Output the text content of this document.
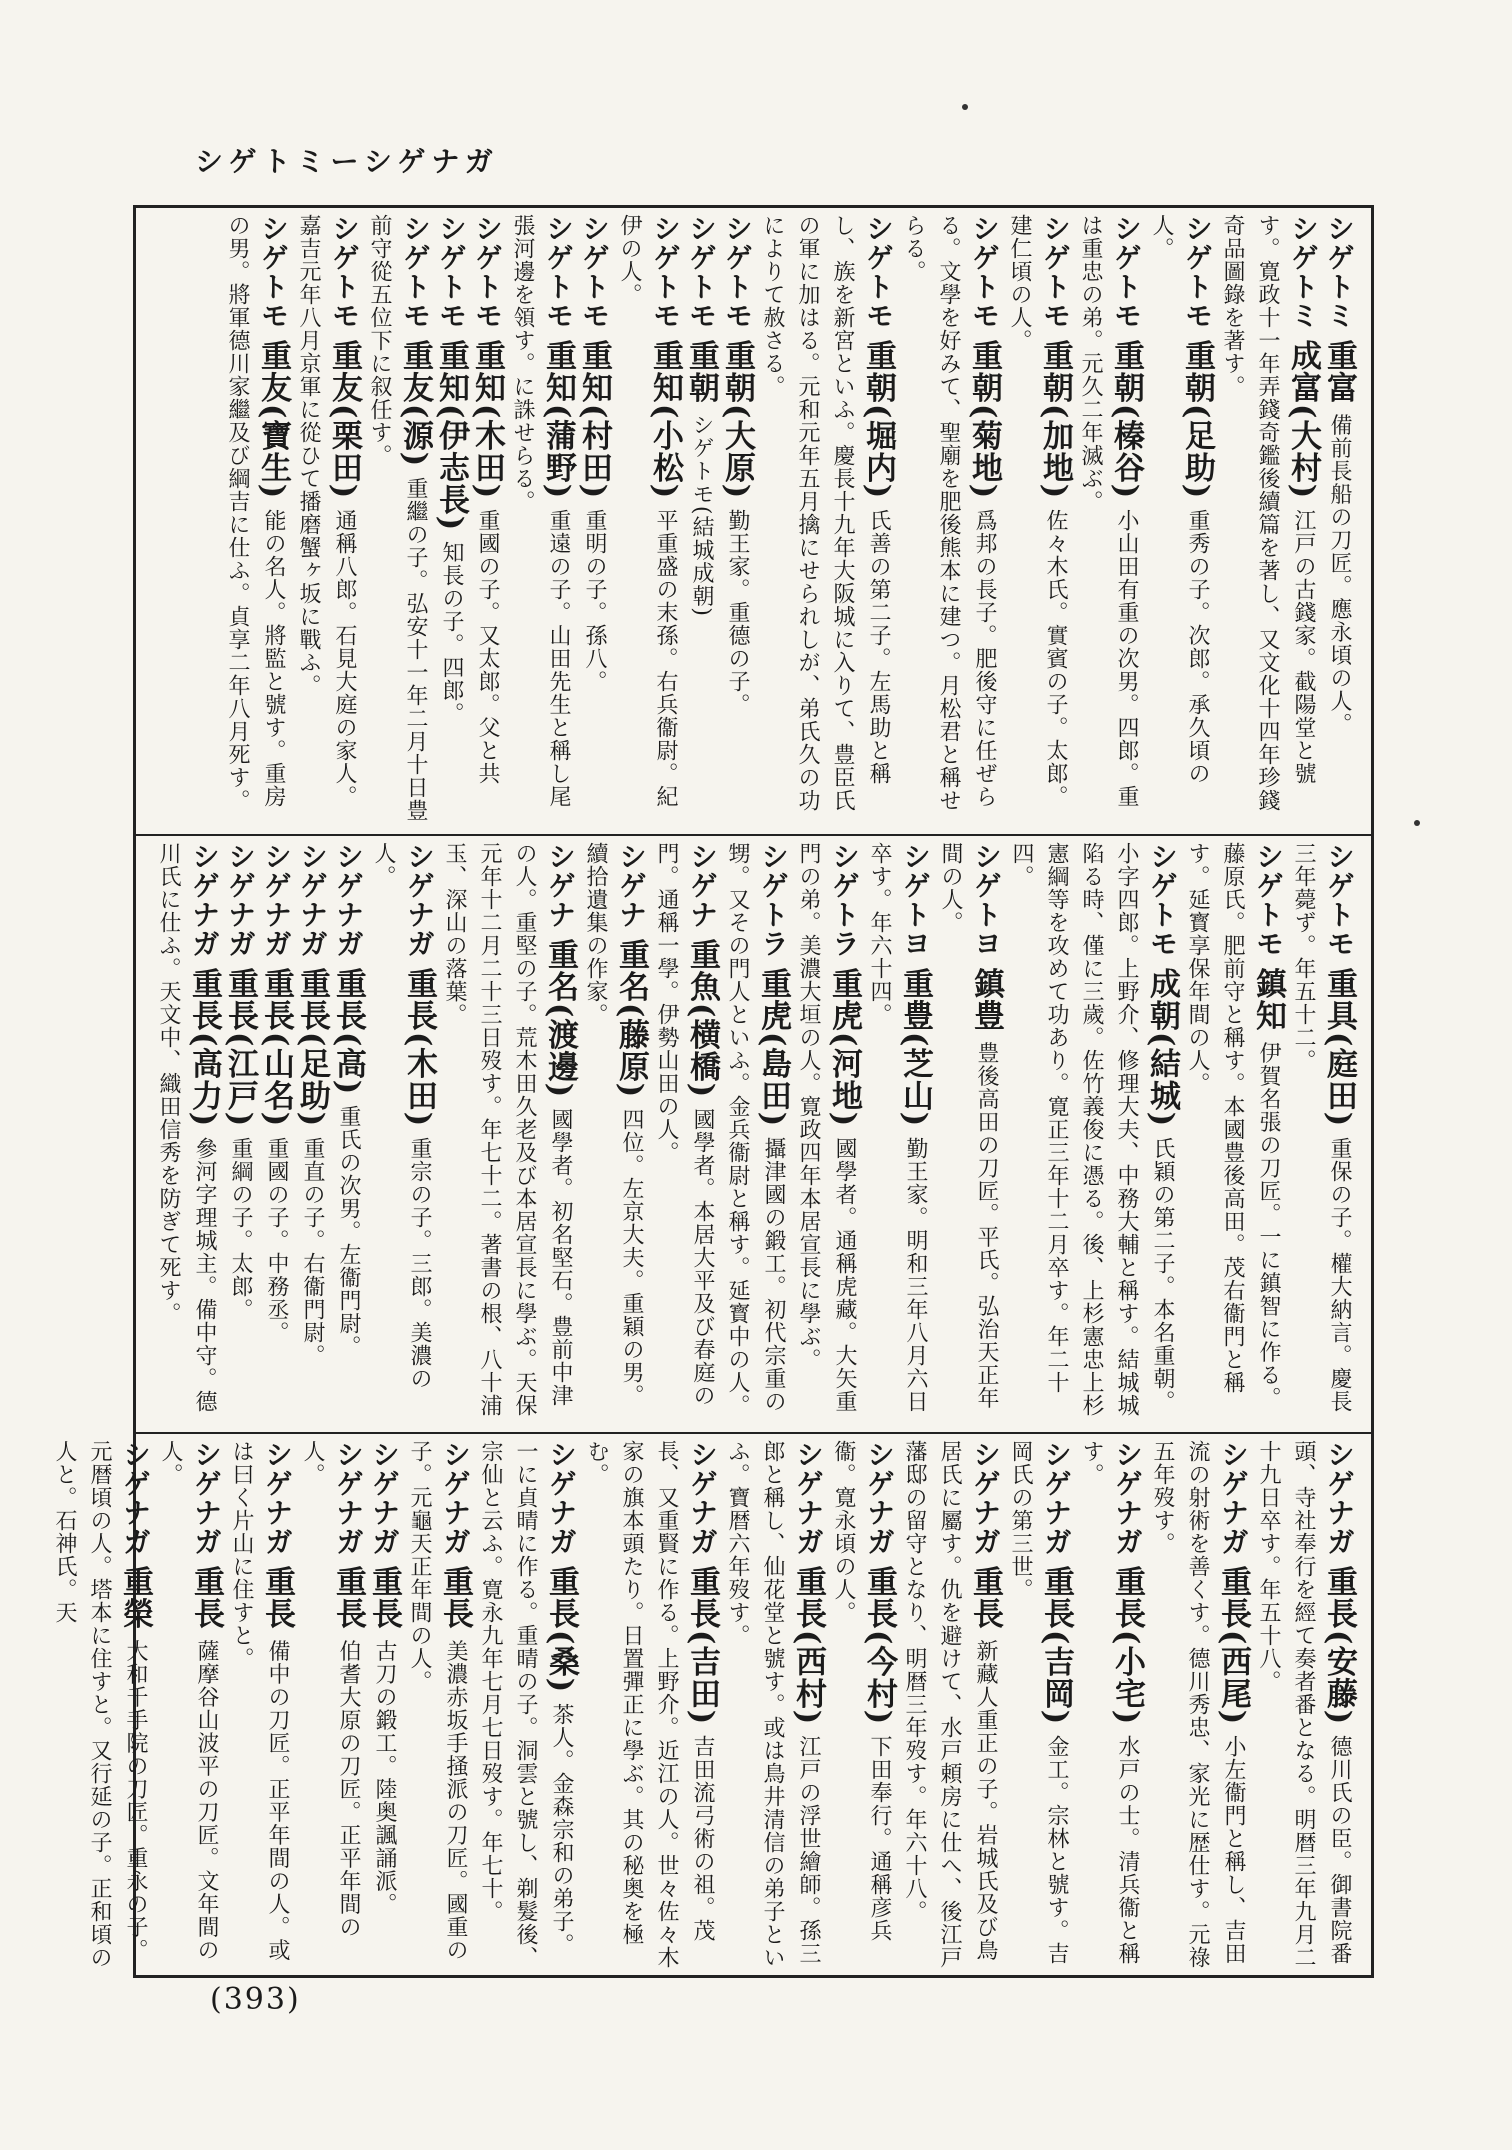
シゲトミーシゲナガ

シゲトミ 重富 備前長船の刀匠。應永頃の人。

シゲトミ 成富(大村) 江戸の古錢家。截陽堂と號す。寛政十一年弄錢奇鑑後續篇を著し、又文化十四年珍錢奇品圖錄を著す。

シゲトモ 重朝(足助) 重秀の子。次郎。承久頃の人。

シゲトモ 重朝(榛谷) 小山田有重の次男。四郎。重は重忠の弟。元久二年滅ぶ。

シゲトモ 重朝(加地) 佐々木氏。實賓の子。太郎。建仁頃の人。

シゲトモ 重朝(菊地) 爲邦の長子。肥後守に任ぜらる。文學を好みて、聖廟を肥後熊本に建つ。月松君と稱せらる。

シゲトモ 重朝(堀内) 氏善の第二子。左馬助と稱し、族を新宮といふ。慶長十九年大阪城に入りて、豊臣氏の軍に加はる。元和元年五月擒にせられしが、弟氏久の功によりて赦さる。

シゲトモ 重朝(大原) 勤王家。重德の子。

シゲトモ 重朝 シゲトモ(結城成朝)

シゲトモ 重知(小松) 平重盛の末孫。右兵衞尉。紀伊の人。

シゲトモ 重知(村田) 重明の子。孫八。

シゲトモ 重知(蒲野) 重遠の子。山田先生と稱し尾張河邊を領す。に誅せらる。

シゲトモ 重知(木田) 重國の子。又太郎。父と共

シゲトモ 重知(伊志長) 知長の子。四郎。

シゲトモ 重友(源) 重繼の子。弘安十一年二月十日豊前守從五位下に叙任す。

シゲトモ 重友(栗田) 通稱八郎。石見大庭の家人。嘉吉元年八月京軍に從ひて播磨蟹ヶ坂に戰ふ。

シゲトモ 重友(寶生) 能の名人。將監と號す。重房の男。將軍德川家繼及び綱吉に仕ふ。貞享二年八月死す。

シゲトモ 重具(庭田) 重保の子。權大納言。慶長三年薨ず。年五十二。

シゲトモ 鎮知 伊賀名張の刀匠。一に鎮智に作る。藤原氏。肥前守と稱す。本國豊後高田。茂右衞門と稱す。延寳享保年間の人。

シゲトモ 成朝(結城) 氏穎の第二子。本名重朝。小字四郎。上野介、修理大夫、中務大輔と稱す。結城城陷る時、僅に三歲。佐竹義俊に憑る。後、上杉憲忠上杉憲綱等を攻めて功あり。寛正三年十二月卒す。年二十四。

シゲトヨ 鎮豊 豊後高田の刀匠。平氏。弘治天正年間の人。

シゲトヨ 重豊(芝山) 勤王家。明和三年八月六日卒す。年六十四。

シゲトラ 重虎(河地) 國學者。通稱虎藏。大矢重門の弟。美濃大垣の人。寛政四年本居宣長に學ぶ。

シゲトラ 重虎(島田) 攝津國の鍛工。初代宗重の甥。又その門人といふ。金兵衞尉と稱す。延寳中の人。

シゲナ 重魚(横橋) 國學者。本居大平及び春庭の門。通稱一學。伊勢山田の人。

シゲナ 重名(藤原) 四位。左京大夫。重穎の男。續拾遺集の作家。

シゲナ 重名(渡邊) 國學者。初名堅石。豊前中津の人。重堅の子。荒木田久老及び本居宣長に學ぶ。天保元年十二月二十三日歿す。年七十二。著書の根、八十浦玉、深山の落葉。

シゲナガ 重長(木田) 重宗の子。三郎。美濃の人。

シゲナガ 重長(高) 重氏の次男。左衞門尉。

シゲナガ 重長(足助) 重直の子。右衞門尉。

シゲナガ 重長(山名) 重國の子。中務丞。

シゲナガ 重長(江戸) 重綱の子。太郎。

シゲナガ 重長(高力) 參河字理城主。備中守。德川氏に仕ふ。天文中、織田信秀を防ぎて死す。

シゲナガ 重長(安藤) 德川氏の臣。御書院番頭、寺社奉行を經て奏者番となる。明暦三年九月二十九日卒す。年五十八。

シゲナガ 重長(西尾) 小左衞門と稱し、吉田流の射術を善くす。德川秀忠、家光に歴仕す。元祿五年歿す。

シゲナガ 重長(小宅) 水戸の士。清兵衞と稱す。

シゲナガ 重長(吉岡) 金工。宗林と號す。吉岡氏の第三世。

シゲナガ 重長 新藏人重正の子。岩城氏及び鳥居氏に屬す。仇を避けて、水戸頼房に仕へ、後江戸藩邸の留守となり、明暦三年歿す。年六十八。

シゲナガ 重長(今村) 下田奉行。通稱彦兵衞。寛永頃の人。

シゲナガ 重長(西村) 江戸の浮世繪師。孫三郎と稱し、仙花堂と號す。或は鳥井清信の弟子といふ。寶暦六年歿す。

シゲナガ 重長(吉田) 吉田流弓術の祖。茂長、又重賢に作る。上野介。近江の人。世々佐々木家の旗本頭たり。日置彈正に學ぶ。其の秘奥を極む。

シゲナガ 重長(桑) 茶人。金森宗和の弟子。一に貞晴に作る。重晴の子。洞雲と號し、剃髮後、宗仙と云ふ。寛永九年七月七日歿す。年七十。

シゲナガ 重長 美濃赤坂手掻派の刀匠。國重の子。元龜天正年間の人。

シゲナガ 重長 古刀の鍛工。陸奥諷誦派。

シゲナガ 重長 伯耆大原の刀匠。正平年間の人。

シゲナガ 重長 備中の刀匠。正平年間の人。或は曰く片山に住すと。

シゲナガ 重長 薩摩谷山波平の刀匠。文年間の人。

シゲナガ 重榮 大和千手院の刀匠。重永の子。元暦頃の人。塔本に住すと。又行延の子。正和頃の人と。石神氏。天

(393)
